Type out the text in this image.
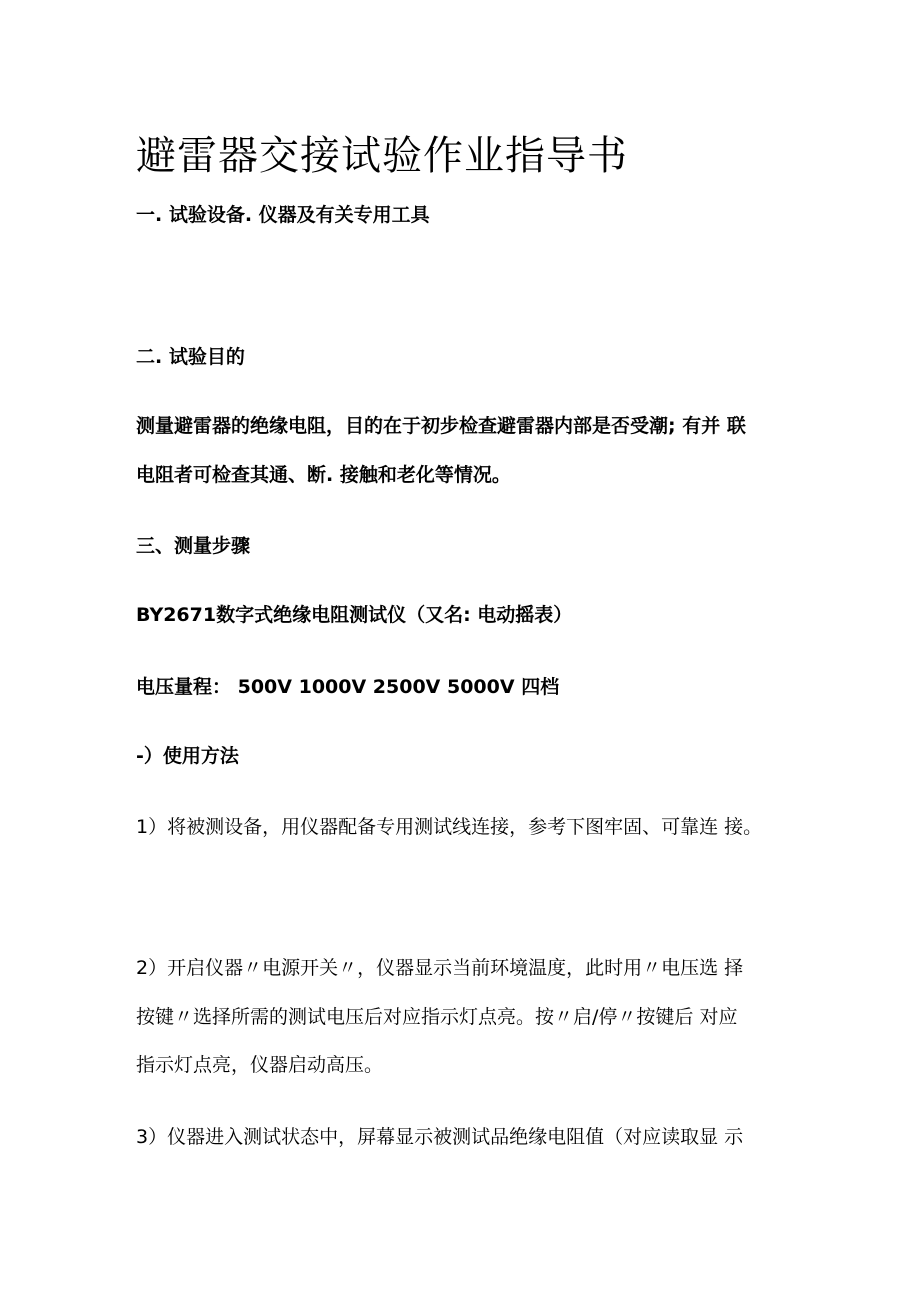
避雷器交接试验作业指导书
一. 试验设备. 仪器及有关专用工具
二. 试验目的
测量避雷器的绝缘电阻，目的在于初步检查避雷器内部是否受潮; 有并 联
电阻者可检查其通、断. 接触和老化等情况。
三、测量步骤
BY2671数字式绝缘电阻测试仪（又名: 电动摇表）
电压量程： 500V 1000V 2500V 5000V 四档
-）使用方法
1）将被测设备，用仪器配备专用测试线连接，参考下图牢固、可靠连 接。
2）开启仪器〃电源开关〃，仪器显示当前环境温度，此时用〃电压选 择
按键〃选择所需的测试电压后对应指示灯点亮。按〃启/停〃按键后 对应
指示灯点亮，仪器启动高压。
3）仪器进入测试状态中，屏幕显示被测试品绝缘电阻值（对应读取显 示
